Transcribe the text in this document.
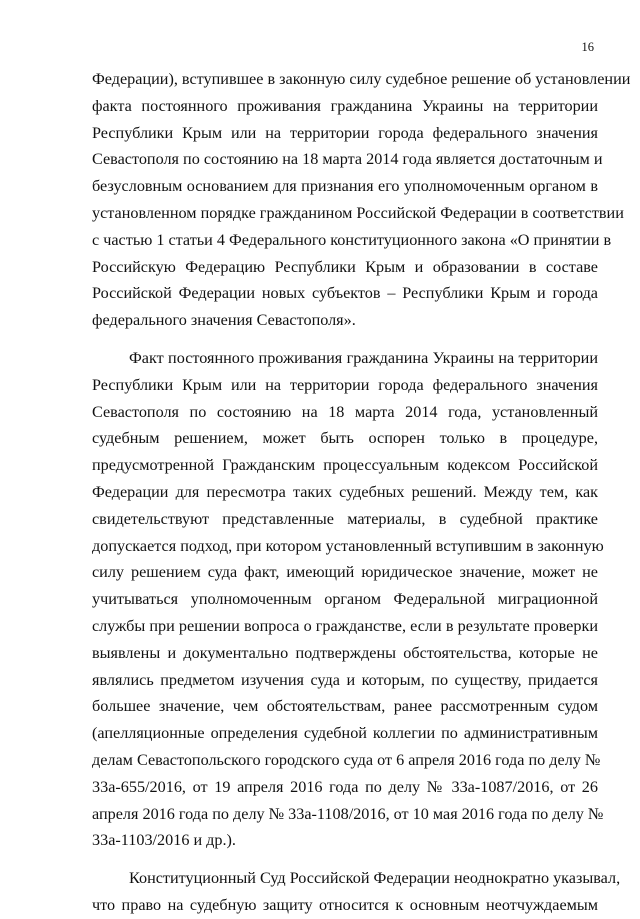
16
Федерации), вступившее в законную силу судебное решение об установлении
факта постоянного проживания гражданина Украины на территории
Республики Крым или на территории города федерального значения
Севастополя по состоянию на 18 марта 2014 года является достаточным и
безусловным основанием для признания его уполномоченным органом в
установленном порядке гражданином Российской Федерации в соответствии
с частью 1 статьи 4 Федерального конституционного закона «О принятии в
Российскую Федерацию Республики Крым и образовании в составе
Российской Федерации новых субъектов – Республики Крым и города
федерального значения Севастополя».
Факт постоянного проживания гражданина Украины на территории
Республики Крым или на территории города федерального значения
Севастополя по состоянию на 18 марта 2014 года, установленный
судебным решением, может быть оспорен только в процедуре,
предусмотренной Гражданским процессуальным кодексом Российской
Федерации для пересмотра таких судебных решений. Между тем, как
свидетельствуют представленные материалы, в судебной практике
допускается подход, при котором установленный вступившим в законную
силу решением суда факт, имеющий юридическое значение, может не
учитываться уполномоченным органом Федеральной миграционной
службы при решении вопроса о гражданстве, если в результате проверки
выявлены и документально подтверждены обстоятельства, которые не
являлись предметом изучения суда и которым, по существу, придается
большее значение, чем обстоятельствам, ранее рассмотренным судом
(апелляционные определения судебной коллегии по административным
делам Севастопольского городского суда от 6 апреля 2016 года по делу №
33а-655/2016, от 19 апреля 2016 года по делу № 33а-1087/2016, от 26
апреля 2016 года по делу № 33а-1108/2016, от 10 мая 2016 года по делу №
33а-1103/2016 и др.).
Конституционный Суд Российской Федерации неоднократно указывал,
что право на судебную защиту относится к основным неотчуждаемым
